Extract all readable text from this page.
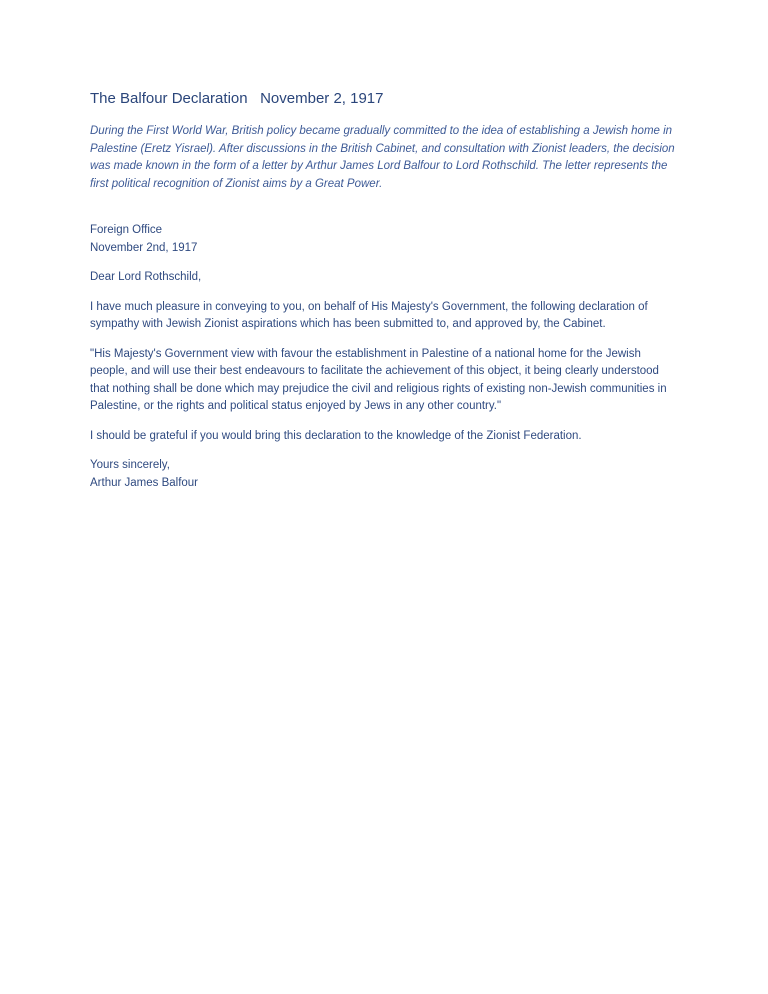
The Balfour Declaration   November 2, 1917

During the First World War, British policy became gradually committed to the idea of establishing a Jewish home in Palestine (Eretz Yisrael). After discussions in the British Cabinet, and consultation with Zionist leaders, the decision was made known in the form of a letter by Arthur James Lord Balfour to Lord Rothschild. The letter represents the first political recognition of Zionist aims by a Great Power.

Foreign Office
November 2nd, 1917

Dear Lord Rothschild,

I have much pleasure in conveying to you, on behalf of His Majesty's Government, the following declaration of sympathy with Jewish Zionist aspirations which has been submitted to, and approved by, the Cabinet.

"His Majesty's Government view with favour the establishment in Palestine of a national home for the Jewish people, and will use their best endeavours to facilitate the achievement of this object, it being clearly understood that nothing shall be done which may prejudice the civil and religious rights of existing non-Jewish communities in Palestine, or the rights and political status enjoyed by Jews in any other country."

I should be grateful if you would bring this declaration to the knowledge of the Zionist Federation.

Yours sincerely,
Arthur James Balfour
